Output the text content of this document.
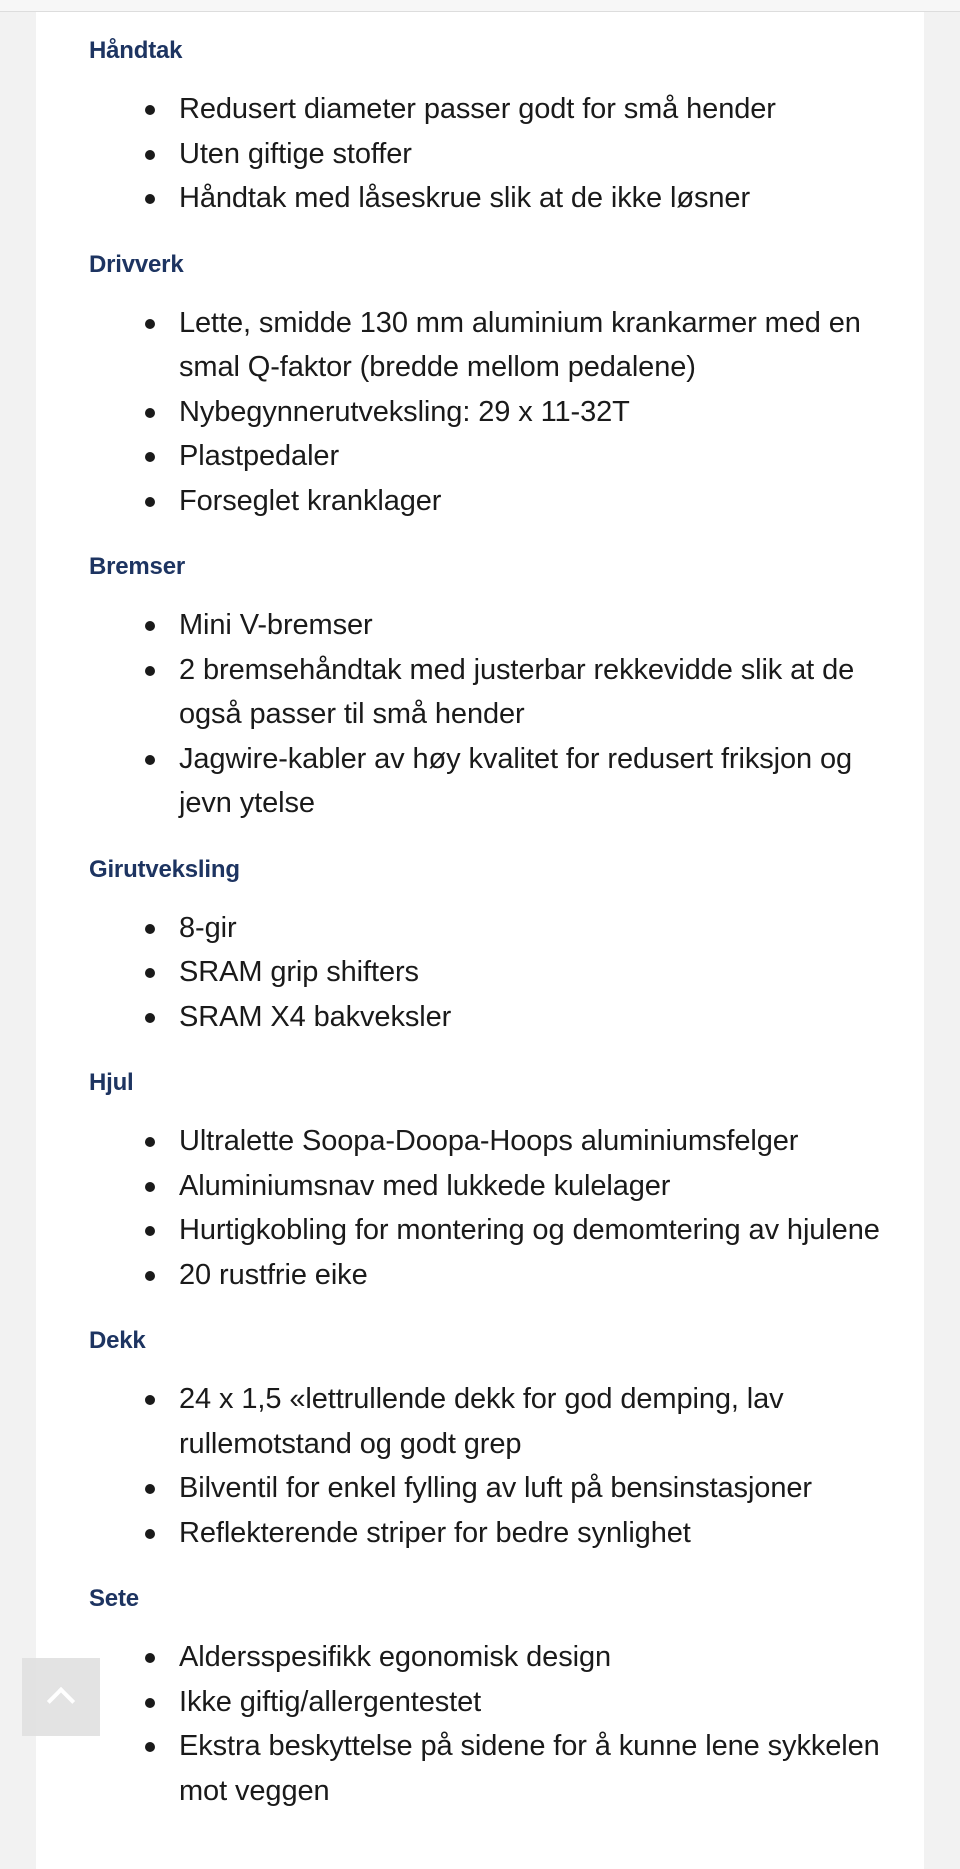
Håndtak
Redusert diameter passer godt for små hender
Uten giftige stoffer
Håndtak med låseskrue slik at de ikke løsner
Drivverk
Lette, smidde 130 mm aluminium krankarmer med en smal Q-faktor (bredde mellom pedalene)
Nybegynnerutveksling: 29 x 11-32T
Plastpedaler
Forseglet kranklager
Bremser
Mini V-bremser
2 bremsehåndtak med justerbar rekkevidde slik at de også passer til små hender
Jagwire-kabler av høy kvalitet for redusert friksjon og jevn ytelse
Girutveksling
8-gir
SRAM grip shifters
SRAM X4 bakveksler
Hjul
Ultralette Soopa-Doopa-Hoops aluminiumsfelger
Aluminiumsnav med lukkede kulelager
Hurtigkobling for montering og demomtering av hjulene
20 rustfrie eike
Dekk
24 x 1,5 «lettrullende dekk for god demping, lav rullemotstand og godt grep
Bilventil for enkel fylling av luft på bensinstasjoner
Reflekterende striper for bedre synlighet
Sete
Aldersspesifikk egonomisk design
Ikke giftig/allergentestet
Ekstra beskyttelse på sidene for å kunne lene sykkelen mot veggen
